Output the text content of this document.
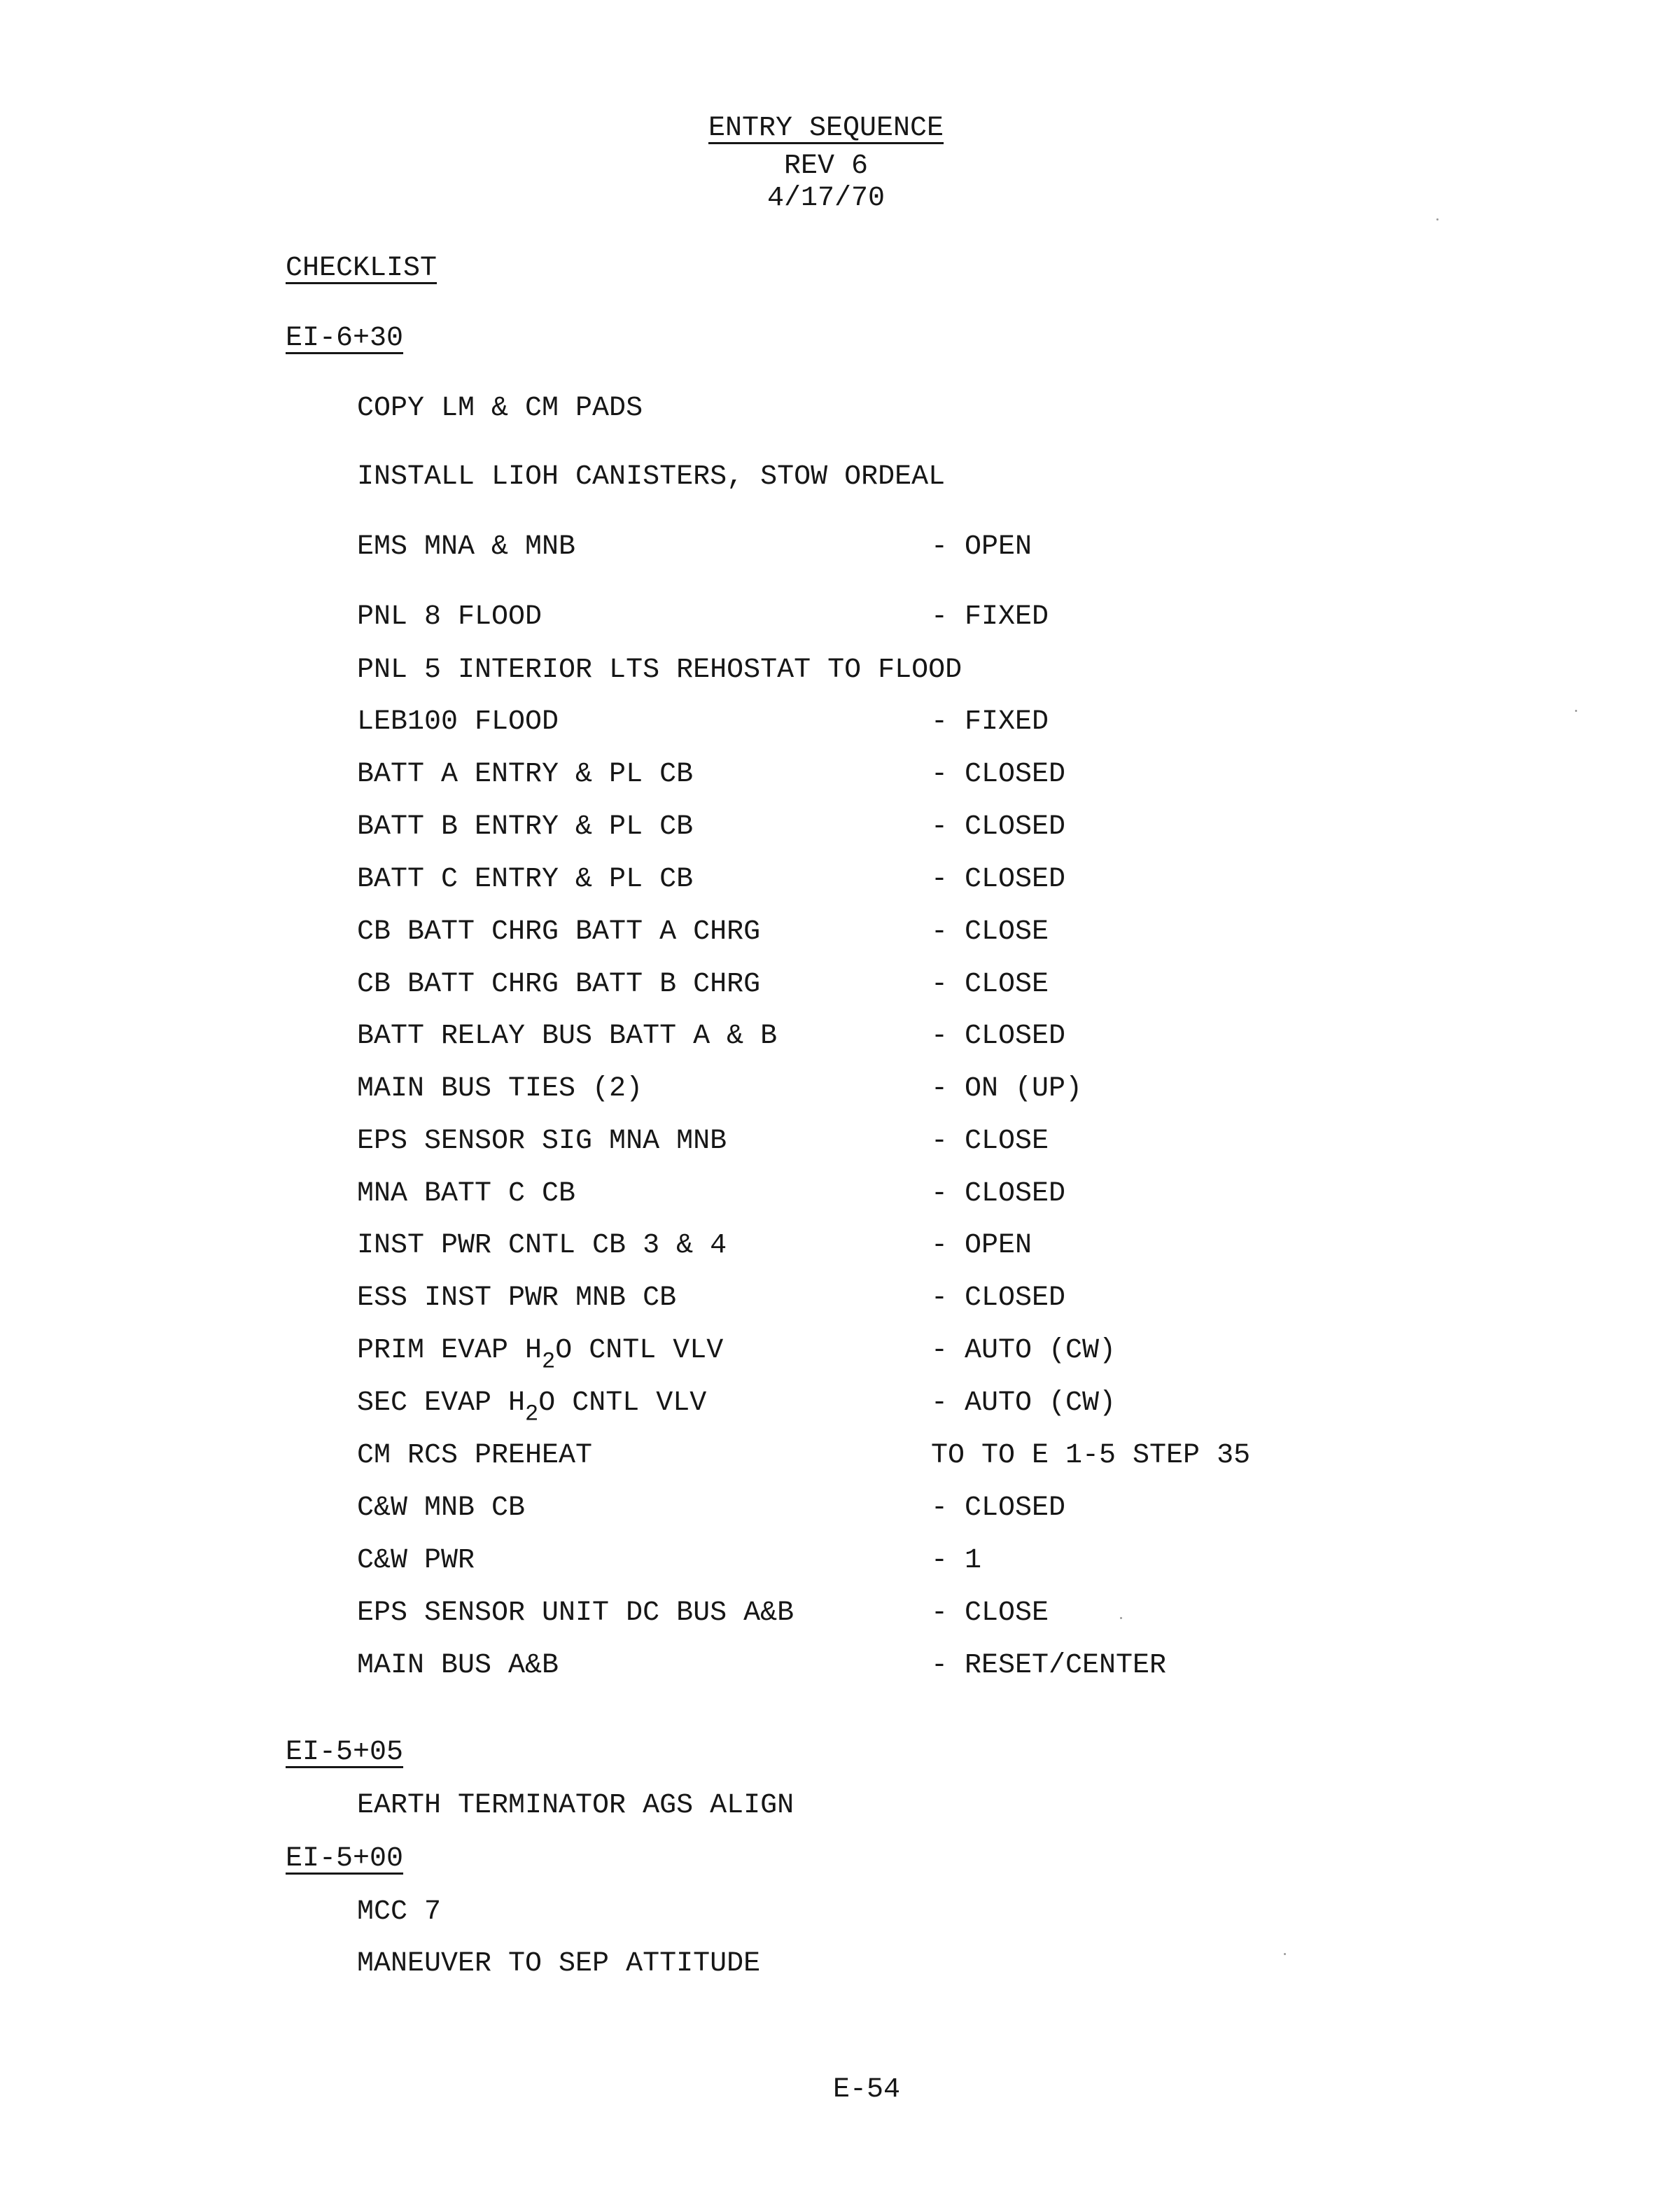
ENTRY SEQUENCE
REV 6
4/17/70
CHECKLIST
EI-6+30
COPY LM & CM PADS
INSTALL LIOH CANISTERS, STOW ORDEAL
EMS MNA & MNB	- OPEN
PNL 8 FLOOD	- FIXED
PNL 5 INTERIOR LTS REHOSTAT TO FLOOD
LEB100 FLOOD	- FIXED
BATT A ENTRY & PL CB	- CLOSED
BATT B ENTRY & PL CB	- CLOSED
BATT C ENTRY & PL CB	- CLOSED
CB BATT CHRG BATT A CHRG	- CLOSE
CB BATT CHRG BATT B CHRG	- CLOSE
BATT RELAY BUS BATT A & B	- CLOSED
MAIN BUS TIES (2)	- ON (UP)
EPS SENSOR SIG MNA MNB	- CLOSE
MNA BATT C CB	- CLOSED
INST PWR CNTL CB 3 & 4	- OPEN
ESS INST PWR MNB CB	- CLOSED
PRIM EVAP $H_2O$ CNTL VLV	- AUTO (CW)
SEC EVAP $H_2O$ CNTL VLV	- AUTO (CW)
CM RCS PREHEAT	TO TO E 1-5 STEP 35
C&W MNB CB	- CLOSED
C&W PWR	- 1
EPS SENSOR UNIT DC BUS A&B	- CLOSE
MAIN BUS A&B	- RESET/CENTER
EI-5+05
EARTH TERMINATOR AGS ALIGN
EI-5+00
MCC 7
MANEUVER TO SEP ATTITUDE
E-54
